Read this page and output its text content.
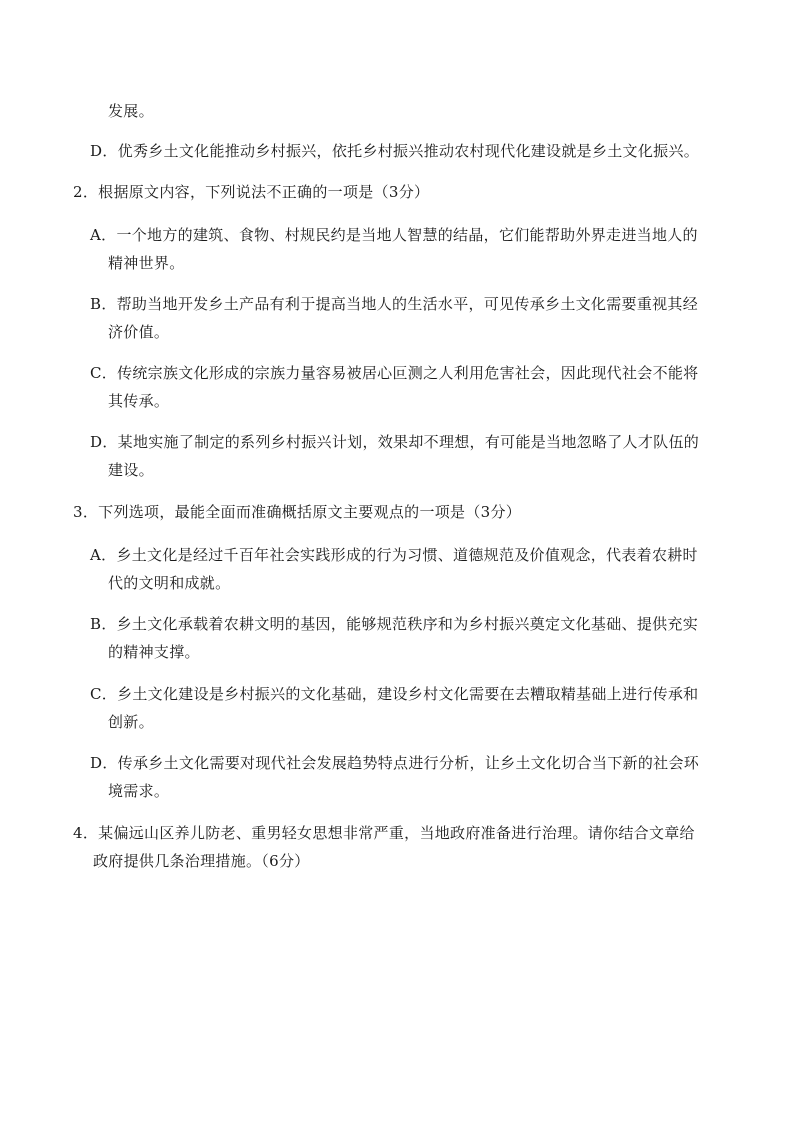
发展。
D．优秀乡土文化能推动乡村振兴，依托乡村振兴推动农村现代化建设就是乡土文化振兴。
2．根据原文内容，下列说法不正确的一项是（3分）
A．一个地方的建筑、食物、村规民约是当地人智慧的结晶，它们能帮助外界走进当地人的
精神世界。
B．帮助当地开发乡土产品有利于提高当地人的生活水平，可见传承乡土文化需要重视其经
济价值。
C．传统宗族文化形成的宗族力量容易被居心叵测之人利用危害社会，因此现代社会不能将
其传承。
D．某地实施了制定的系列乡村振兴计划，效果却不理想，有可能是当地忽略了人才队伍的
建设。
3．下列选项，最能全面而准确概括原文主要观点的一项是（3分）
A．乡土文化是经过千百年社会实践形成的行为习惯、道德规范及价值观念，代表着农耕时
代的文明和成就。
B．乡土文化承载着农耕文明的基因，能够规范秩序和为乡村振兴奠定文化基础、提供充实
的精神支撑。
C．乡土文化建设是乡村振兴的文化基础，建设乡村文化需要在去糟取精基础上进行传承和
创新。
D．传承乡土文化需要对现代社会发展趋势特点进行分析，让乡土文化切合当下新的社会环
境需求。
4．某偏远山区养儿防老、重男轻女思想非常严重，当地政府准备进行治理。请你结合文章给
政府提供几条治理措施。（6分）
